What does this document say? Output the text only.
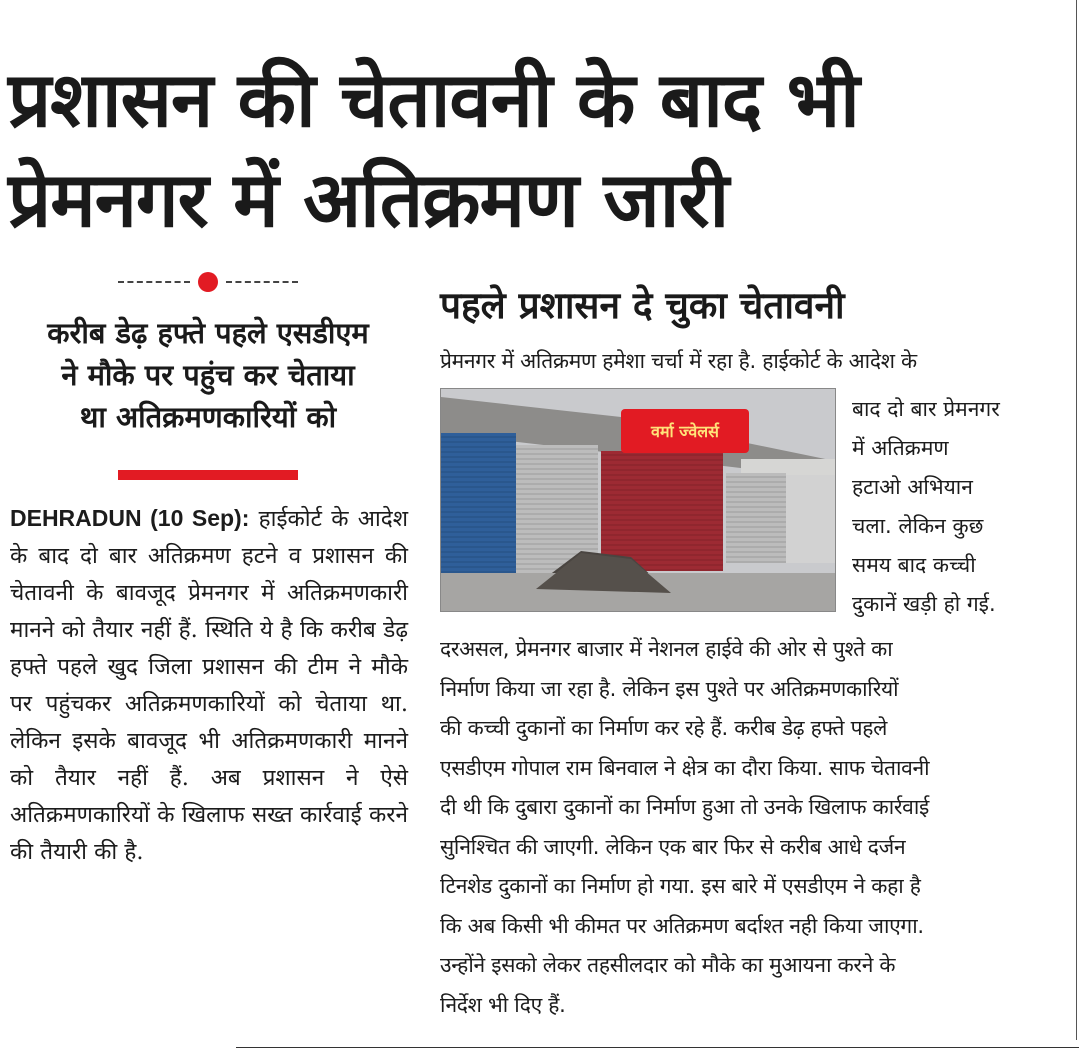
प्रशासन की चेतावनी के बाद भी
प्रेमनगर में अतिक्रमण जारी
करीब डेढ़ हफ्ते पहले एसडीएम
ने मौके पर पहुंच कर चेताया
था अतिक्रमणकारियों को

DEHRADUN (10 Sep): हाईकोर्ट के आदेश के बाद दो बार अतिक्रमण हटने व प्रशासन की चेतावनी के बावजूद प्रेमनगर में अतिक्रमणकारी मानने को तैयार नहीं हैं. स्थिति ये है कि करीब डेढ़ हफ्ते पहले खुद जिला प्रशासन की टीम ने मौके पर पहुंचकर अतिक्रमणकारियों को चेताया था. लेकिन इसके बावजूद भी अतिक्रमणकारी मानने को तैयार नहीं हैं. अब प्रशासन ने ऐसे अतिक्रमणकारियों के खिलाफ सख्त कार्रवाई करने की तैयारी की है.

पहले प्रशासन दे चुका चेतावनी
प्रेमनगर में अतिक्रमण हमेशा चर्चा में रहा है. हाईकोर्ट के आदेश के
वर्मा ज्वेलर्स
बाद दो बार प्रेमनगर
में अतिक्रमण
हटाओ अभियान
चला. लेकिन कुछ
समय बाद कच्ची
दुकानें खड़ी हो गई.
दरअसल, प्रेमनगर बाजार में नेशनल हाईवे की ओर से पुश्ते का
निर्माण किया जा रहा है. लेकिन इस पुश्ते पर अतिक्रमणकारियों
की कच्ची दुकानों का निर्माण कर रहे हैं. करीब डेढ़ हफ्ते पहले
एसडीएम गोपाल राम बिनवाल ने क्षेत्र का दौरा किया. साफ चेतावनी
दी थी कि दुबारा दुकानों का निर्माण हुआ तो उनके खिलाफ कार्रवाई
सुनिश्चित की जाएगी. लेकिन एक बार फिर से करीब आधे दर्जन
टिनशेड दुकानों का निर्माण हो गया. इस बारे में एसडीएम ने कहा है
कि अब किसी भी कीमत पर अतिक्रमण बर्दाश्त नही किया जाएगा.
उन्होंने इसको लेकर तहसीलदार को मौके का मुआयना करने के
निर्देश भी दिए हैं.
